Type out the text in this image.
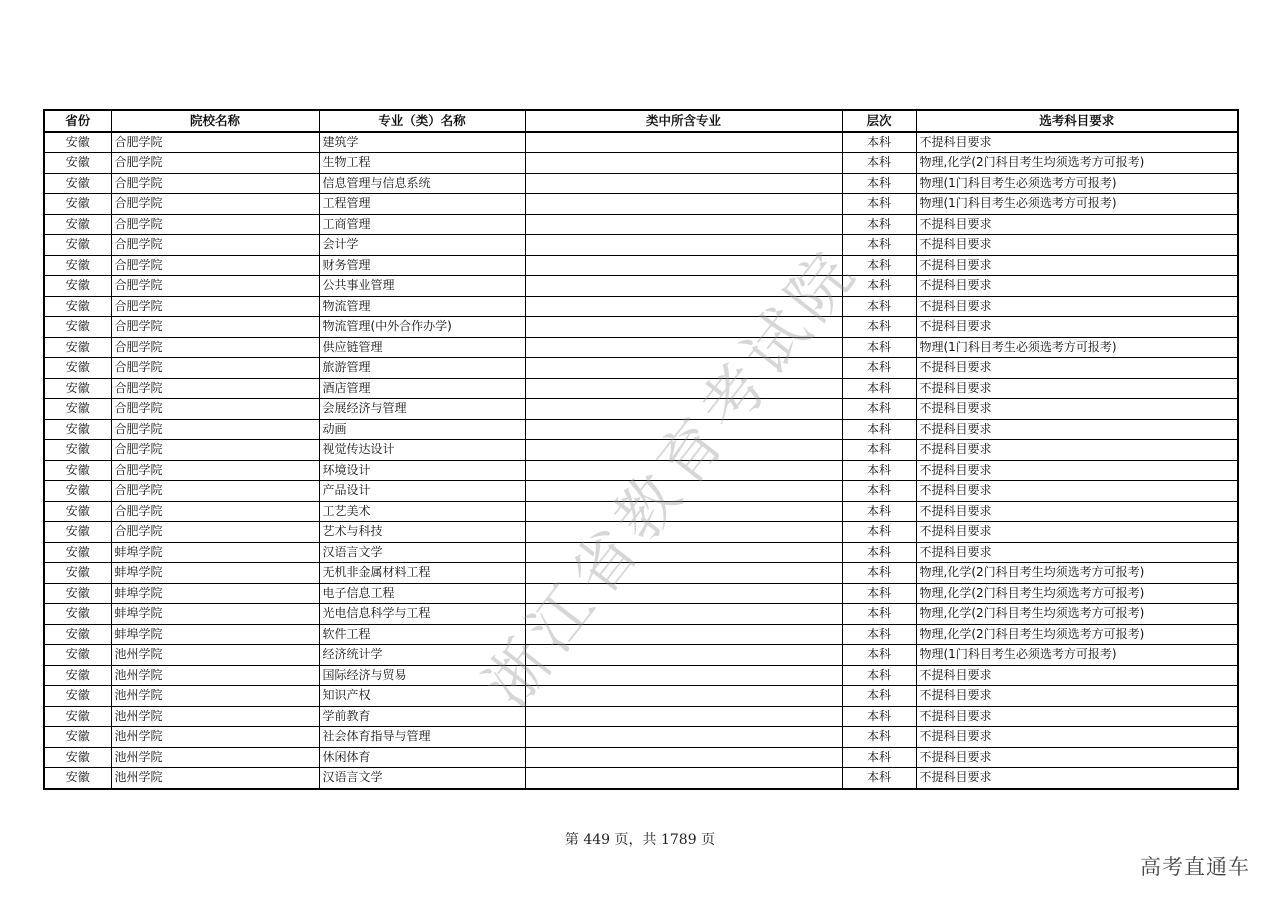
省份	院校名称	专业（类）名称	类中所含专业	层次	选考科目要求
安徽	合肥学院	建筑学		本科	不提科目要求
安徽	合肥学院	生物工程		本科	物理,化学(2门科目考生均须选考方可报考)
安徽	合肥学院	信息管理与信息系统		本科	物理(1门科目考生必须选考方可报考)
安徽	合肥学院	工程管理		本科	物理(1门科目考生必须选考方可报考)
安徽	合肥学院	工商管理		本科	不提科目要求
安徽	合肥学院	会计学		本科	不提科目要求
安徽	合肥学院	财务管理		本科	不提科目要求
安徽	合肥学院	公共事业管理		本科	不提科目要求
安徽	合肥学院	物流管理		本科	不提科目要求
安徽	合肥学院	物流管理(中外合作办学)		本科	不提科目要求
安徽	合肥学院	供应链管理		本科	物理(1门科目考生必须选考方可报考)
安徽	合肥学院	旅游管理		本科	不提科目要求
安徽	合肥学院	酒店管理		本科	不提科目要求
安徽	合肥学院	会展经济与管理		本科	不提科目要求
安徽	合肥学院	动画		本科	不提科目要求
安徽	合肥学院	视觉传达设计		本科	不提科目要求
安徽	合肥学院	环境设计		本科	不提科目要求
安徽	合肥学院	产品设计		本科	不提科目要求
安徽	合肥学院	工艺美术		本科	不提科目要求
安徽	合肥学院	艺术与科技		本科	不提科目要求
安徽	蚌埠学院	汉语言文学		本科	不提科目要求
安徽	蚌埠学院	无机非金属材料工程		本科	物理,化学(2门科目考生均须选考方可报考)
安徽	蚌埠学院	电子信息工程		本科	物理,化学(2门科目考生均须选考方可报考)
安徽	蚌埠学院	光电信息科学与工程		本科	物理,化学(2门科目考生均须选考方可报考)
安徽	蚌埠学院	软件工程		本科	物理,化学(2门科目考生均须选考方可报考)
安徽	池州学院	经济统计学		本科	物理(1门科目考生必须选考方可报考)
安徽	池州学院	国际经济与贸易		本科	不提科目要求
安徽	池州学院	知识产权		本科	不提科目要求
安徽	池州学院	学前教育		本科	不提科目要求
安徽	池州学院	社会体育指导与管理		本科	不提科目要求
安徽	池州学院	休闲体育		本科	不提科目要求
安徽	池州学院	汉语言文学		本科	不提科目要求
浙江省教育考试院
第 449 页，共 1789 页
高考直通车
